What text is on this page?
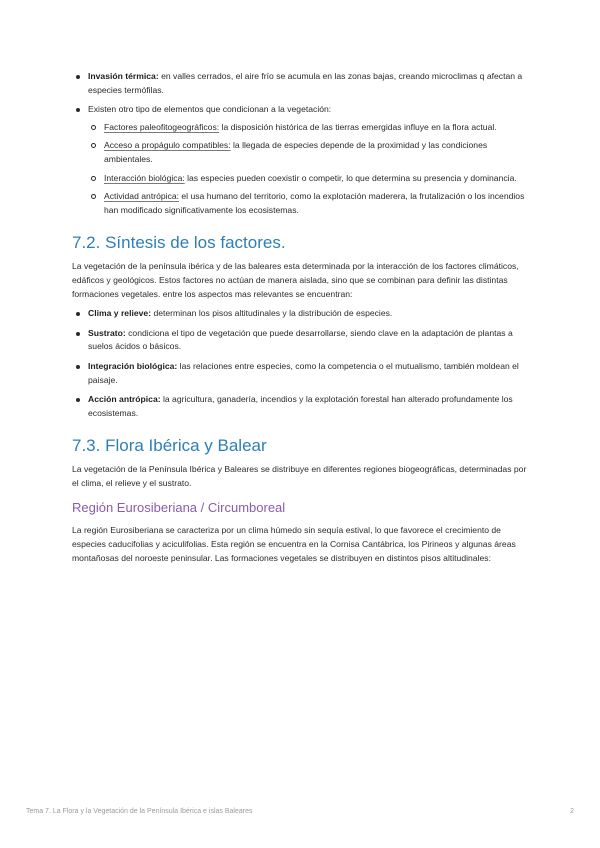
Invasión térmica: en valles cerrados, el aire frío se acumula en las zonas bajas, creando microclimas q afectan a especies termófilas.
Existen otro tipo de elementos que condicionan a la vegetación:
Factores paleofitogeográficos: la disposición histórica de las tierras emergidas influye en la flora actual.
Acceso a propágulo compatibles: la llegada de especies depende de la proximidad y las condiciones ambientales.
Interacción biológica: las especies pueden coexistir o competir, lo que determina su presencia y dominancia.
Actividad antrópica: el usa humano del territorio, como la explotación maderera, la frutalización o los incendios han modificado significativamente los ecosistemas.
7.2. Síntesis de los factores.

La vegetación de la península ibérica y de las baleares esta determinada por la interacción de los factores climáticos, edáficos y geológicos. Estos factores no actúan de manera aislada, sino que se combinan para definir las distintas formaciones vegetales. entre los aspectos mas relevantes se encuentran:

Clima y relieve: determinan los pisos altitudinales y la distribución de especies.
Sustrato: condiciona el tipo de vegetación que puede desarrollarse, siendo clave en la adaptación de plantas a suelos ácidos o básicos.
Integración biológica: las relaciones entre especies, como la competencia o el mutualismo, también moldean el paisaje.
Acción antrópica: la agricultura, ganadería, incendios y la explotación forestal han alterado profundamente los ecosistemas.
7.3. Flora Ibérica y Balear

La vegetación de la Península Ibérica y Baleares se distribuye en diferentes regiones biogeográficas, determinadas por el clima, el relieve y el sustrato.

Región Eurosiberiana / Circumboreal

La región Eurosiberiana se caracteriza por un clima húmedo sin sequía estival, lo que favorece el crecimiento de especies caducifolias y aciculifolias. Esta región se encuentra en la Cornisa Cantábrica, los Pirineos y algunas áreas montañosas del noroeste peninsular. Las formaciones vegetales se distribuyen en distintos pisos altitudinales:

Tema 7. La Flora y la Vegetación de la Península Ibérica e islas Baleares	2
